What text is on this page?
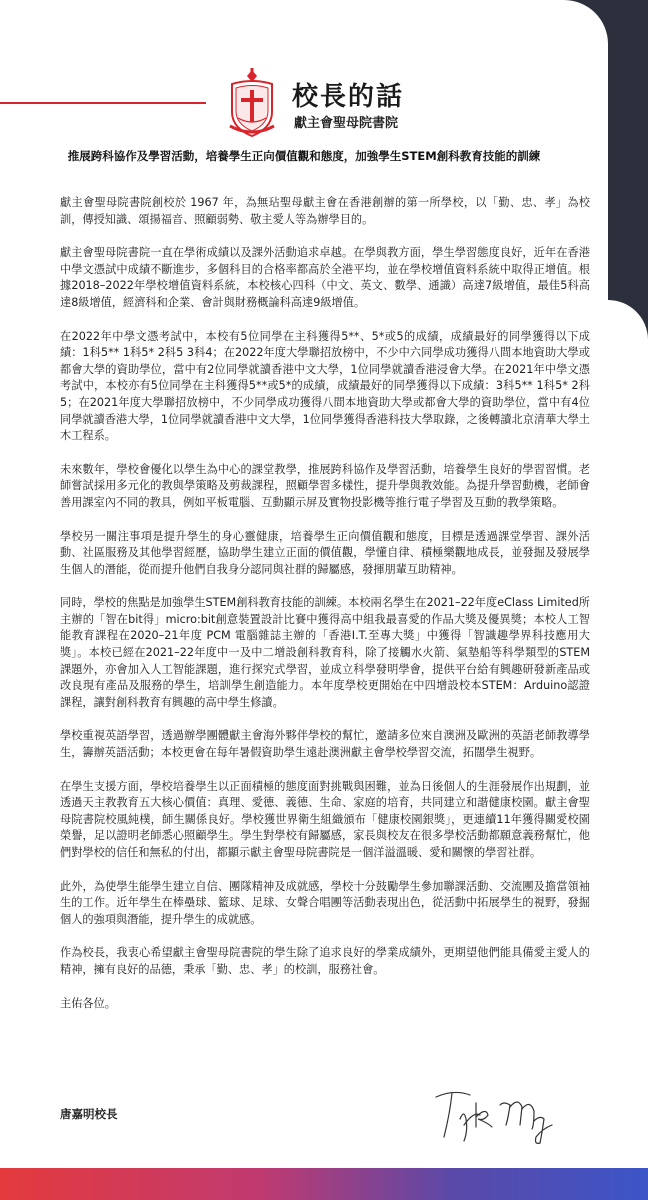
校長的話
獻主會聖母院書院
推展跨科協作及學習活動，培養學生正向價值觀和態度，加強學生STEM創科教育技能的訓練

獻主會聖母院書院創校於 1967 年，為無玷聖母獻主會在香港創辦的第一所學校，以「勤、忠、孝」為校訓，傳授知識、頌揚福音、照顧弱勢、敬主愛人等為辦學目的。

獻主會聖母院書院一直在學術成績以及課外活動追求卓越。在學與教方面，學生學習態度良好，近年在香港中學文憑試中成績不斷進步，多個科目的合格率都高於全港平均，並在學校增值資料系統中取得正增值。根據2018–2022年學校增值資料系統，本校核心四科（中文、英文、數學、通識）高達7級增值，最佳5科高達8級增值，經濟科和企業、會計與財務概論科高達9級增值。

在2022年中學文憑考試中，本校有5位同學在主科獲得5**、5*或5的成績，成績最好的同學獲得以下成績：1科5** 1科5* 2科5 3科4；在2022年度大學聯招放榜中，不少中六同學成功獲得八間本地資助大學或都會大學的資助學位，當中有2位同學就讀香港中文大學，1位同學就讀香港浸會大學。在2021年中學文憑考試中，本校亦有5位同學在主科獲得5**或5*的成績，成績最好的同學獲得以下成績：3科5** 1科5* 2科5；在2021年度大學聯招放榜中，不少同學成功獲得八間本地資助大學或都會大學的資助學位，當中有4位同學就讀香港大學，1位同學就讀香港中文大學，1位同學獲得香港科技大學取錄，之後轉讀北京清華大學土木工程系。

未來數年，學校會優化以學生為中心的課堂教學，推展跨科協作及學習活動，培養學生良好的學習習慣。老師嘗試採用多元化的教與學策略及剪裁課程，照顧學習多樣性，提升學與教效能。為提升學習動機，老師會善用課室內不同的教具，例如平板電腦、互動顯示屏及實物投影機等推行電子學習及互動的教學策略。

學校另一關注事項是提升學生的身心靈健康，培養學生正向價值觀和態度，目標是透過課堂學習、課外活動、社區服務及其他學習經歷，協助學生建立正面的價值觀，學懂自律、積極樂觀地成長，並發掘及發展學生個人的潛能，從而提升他們自我身分認同與社群的歸屬感，發揮朋輩互助精神。

同時，學校的焦點是加強學生STEM創科教育技能的訓練。本校兩名學生在2021–22年度eClass Limited所主辦的「智在bit得」micro:bit創意裝置設計比賽中獲得高中組我最喜愛的作品大獎及優異獎；本校人工智能教育課程在2020–21年度 PCM 電腦雜誌主辦的「香港I.T.至專大獎」中獲得「智識趣學界科技應用大獎」。本校已經在2021–22年度中一及中二增設創科教育科，除了接觸水火箭、氣墊船等科學類型的STEM課題外，亦會加入人工智能課題，進行探究式學習，並成立科學發明學會，提供平台給有興趣研發新產品或改良現有產品及服務的學生，培訓學生創造能力。本年度學校更開始在中四增設校本STEM：Arduino認證課程，讓對創科教育有興趣的高中學生修讀。

學校重視英語學習，透過辦學團體獻主會海外夥伴學校的幫忙，邀請多位來自澳洲及歐洲的英語老師教導學生，籌辦英語活動；本校更會在每年暑假資助學生遠赴澳洲獻主會學校學習交流，拓闊學生視野。

在學生支援方面，學校培養學生以正面積極的態度面對挑戰與困難，並為日後個人的生涯發展作出規劃，並透過天主教教育五大核心價值：真理、愛德、義德、生命、家庭的培育，共同建立和諧健康校園。獻主會聖母院書院校風純樸，師生關係良好。學校獲世界衛生組織頒布「健康校園銀獎」，更連續11年獲得關愛校園榮譽，足以證明老師悉心照顧學生。學生對學校有歸屬感，家長與校友在很多學校活動都願意義務幫忙，他們對學校的信任和無私的付出，都顯示獻主會聖母院書院是一個洋溢溫暖、愛和關懷的學習社群。

此外，為使學生能學生建立自信、團隊精神及成就感，學校十分鼓勵學生參加聯課活動、交流團及擔當領袖生的工作。近年學生在棒壘球、籃球、足球、女聲合唱團等活動表現出色，從活動中拓展學生的視野，發掘個人的強項與潛能，提升學生的成就感。

作為校長，我衷心希望獻主會聖母院書院的學生除了追求良好的學業成績外，更期望他們能具備愛主愛人的精神，擁有良好的品德，秉承「勤、忠、孝」的校訓，服務社會。

主佑各位。

唐嘉明校長
